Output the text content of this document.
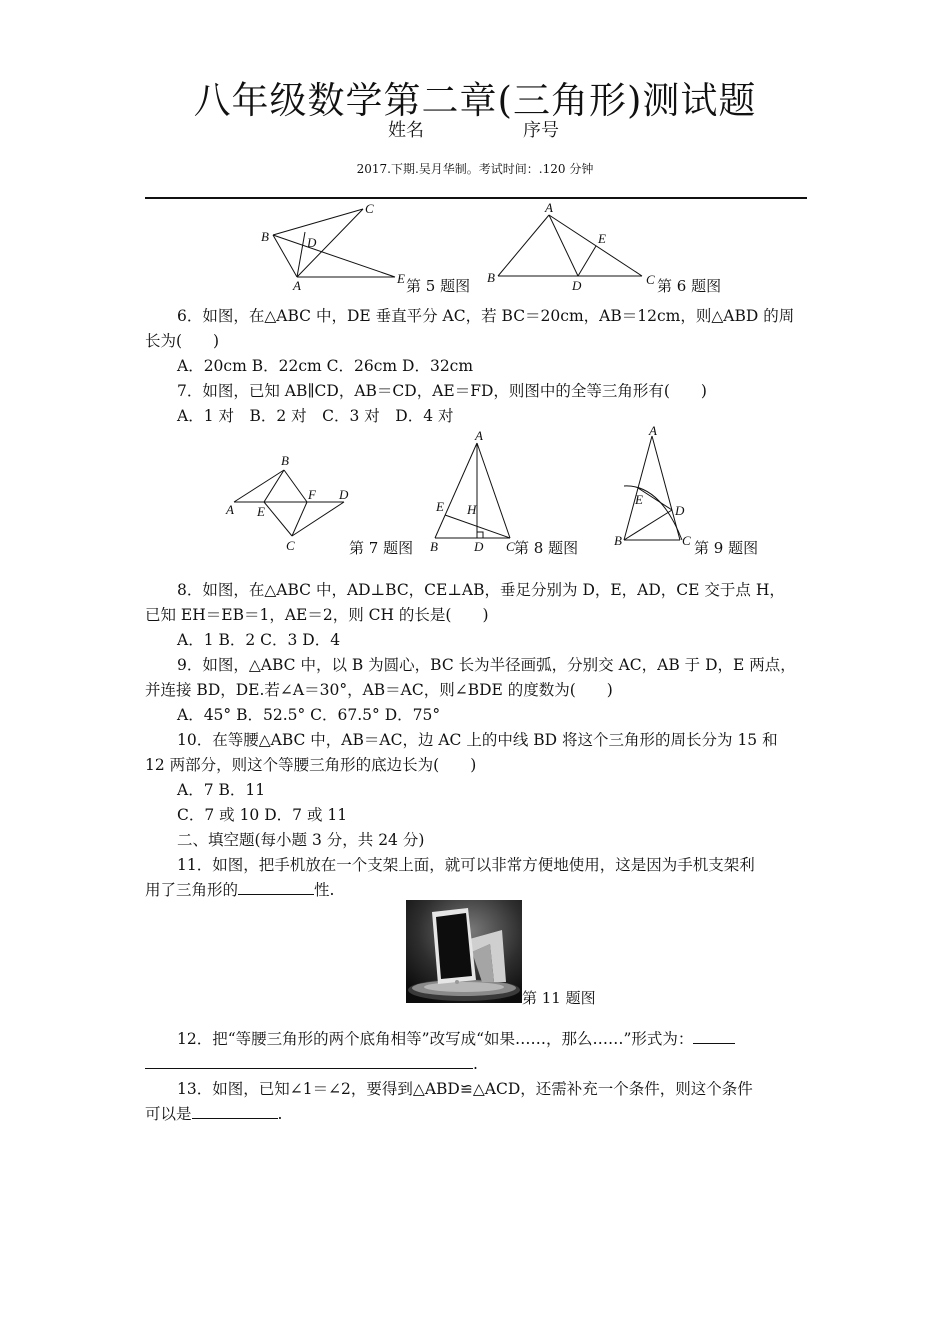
八年级数学第二章(三角形)测试题
姓名	序号
2017.下期.吴月华制。考试时间：.120 分钟
C
B	D
A	E 第 5 题图
A
E
B
D	C 第 6 题图
6．如图，在△ABC 中，DE 垂直平分 AC，若 BC＝20cm，AB＝12cm，则△ABD 的周
长为(　　)
A．20cm B．22cm C．26cm D．32cm
7．如图，已知 AB∥CD，AB＝CD，AE＝FD，则图中的全等三角形有(　　)
A．1 对　B．2 对　C．3 对　D．4 对
B
A E
F D
C	第 7 题图
A
E H
B	D C 第 8 题图
A
E
D
B	C 第 9 题图
8．如图，在△ABC 中，AD⊥BC，CE⊥AB，垂足分别为 D，E，AD，CE 交于点 H，
已知 EH＝EB＝1，AE＝2，则 CH 的长是(　　)
A．1 B．2 C．3 D．4
9．如图，△ABC 中，以 B 为圆心，BC 长为半径画弧，分别交 AC，AB 于 D，E 两点，
并连接 BD，DE.若∠A＝30°，AB＝AC，则∠BDE 的度数为(　　)
A．45° B．52.5° C．67.5° D．75°
10．在等腰△ABC 中，AB＝AC，边 AC 上的中线 BD 将这个三角形的周长分为 15 和
12 两部分，则这个等腰三角形的底边长为(　　)
A．7 B．11
C．7 或 10 D．7 或 11
二、填空题(每小题 3 分，共 24 分)
11．如图，把手机放在一个支架上面，就可以非常方便地使用，这是因为手机支架利
用了三角形的	性.
第 11 题图
12．把“等腰三角形的两个底角相等”改写成“如果……，那么……”形式为：
.
13．如图，已知∠1＝∠2，要得到△ABD≌△ACD，还需补充一个条件，则这个条件
可以是	.
